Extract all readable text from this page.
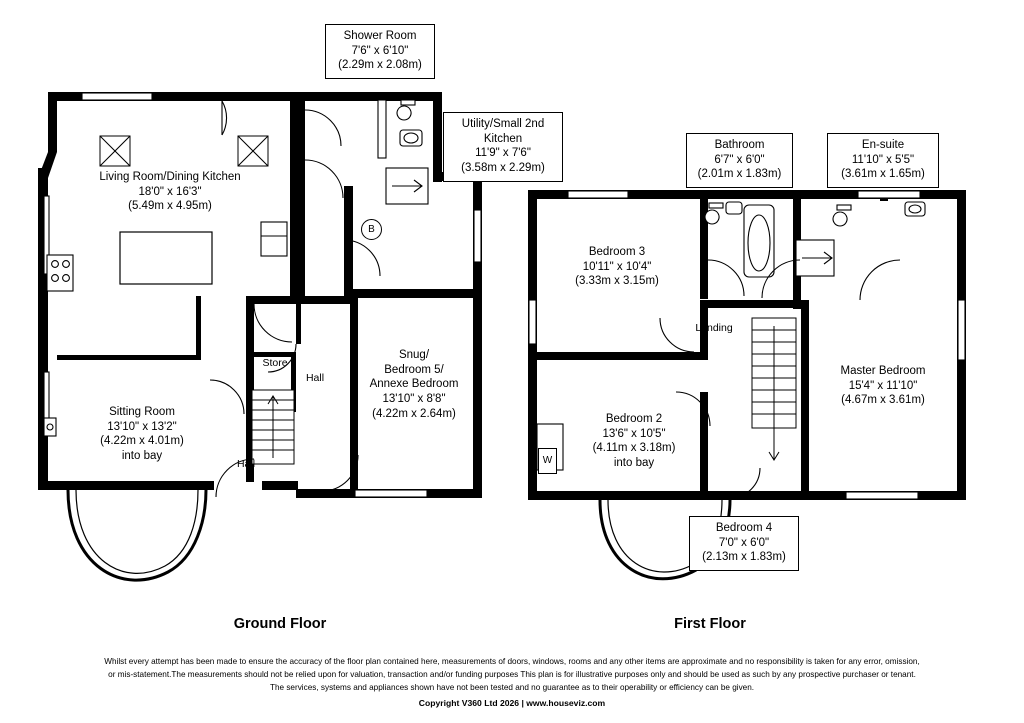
Shower Room
7'6" x 6'10"
(2.29m x 2.08m)
Utility/Small 2nd
Kitchen
11'9" x 7'6"
(3.58m x 2.29m)
Living Room/Dining Kitchen
18'0" x 16'3"
(5.49m x 4.95m)
Sitting Room
13'10" x 13'2"
(4.22m x 4.01m)
into bay
Snug/
Bedroom 5/
Annexe Bedroom
13'10" x 8'8"
(4.22m x 2.64m)
Store
Hall
Hall
B
Ground Floor
Bathroom
6'7" x 6'0"
(2.01m x 1.83m)
En-suite
11'10" x 5'5"
(3.61m x 1.65m)
Bedroom 3
10'11" x 10'4"
(3.33m x 3.15m)
Master Bedroom
15'4" x 11'10"
(4.67m x 3.61m)
Bedroom 2
13'6" x 10'5"
(4.11m x 3.18m)
into bay
Bedroom 4
7'0" x 6'0"
(2.13m x 1.83m)
Landing
W
First Floor
Whilst every attempt has been made to ensure the accuracy of the floor plan contained here, measurements of doors, windows, rooms and any other items are approximate and no responsibility is taken for any error, omission,
or mis-statement.The measurements should not be relied upon for valuation, transaction and/or funding purposes This plan is for illustrative purposes only and should be used as such by any prospective purchaser or tenant.
The services, systems and appliances shown have not been tested and no guarantee as to their operability or efficiency can be given.
Copyright V360 Ltd 2026 | www.houseviz.com
